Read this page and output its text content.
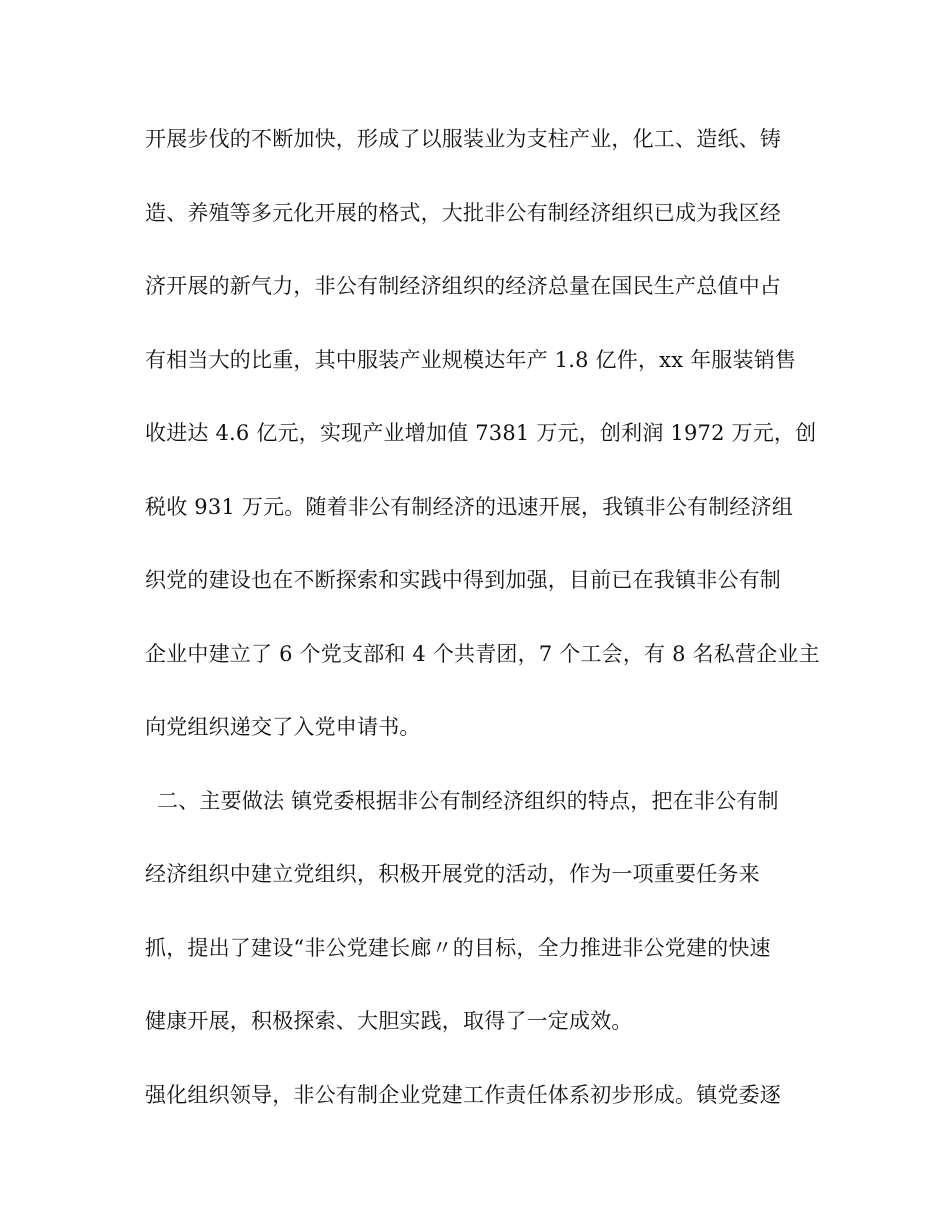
开展步伐的不断加快，形成了以服装业为支柱产业，化工、造纸、铸
造、养殖等多元化开展的格式，大批非公有制经济组织已成为我区经
济开展的新气力，非公有制经济组织的经济总量在国民生产总值中占
有相当大的比重，其中服装产业规模达年产 1.8 亿件，xx 年服装销售
收进达 4.6 亿元，实现产业增加值 7381 万元，创利润 1972 万元，创
税收 931 万元。随着非公有制经济的迅速开展，我镇非公有制经济组
织党的建设也在不断探索和实践中得到加强，目前已在我镇非公有制
企业中建立了 6 个党支部和 4 个共青团，7 个工会，有 8 名私营企业主
向党组织递交了入党申请书。
二、主要做法 镇党委根据非公有制经济组织的特点，把在非公有制
经济组织中建立党组织，积极开展党的活动，作为一项重要任务来
抓，提出了建设“非公党建长廊〃的目标，全力推进非公党建的快速
健康开展，积极探索、大胆实践，取得了一定成效。
强化组织领导，非公有制企业党建工作责任体系初步形成。镇党委逐
